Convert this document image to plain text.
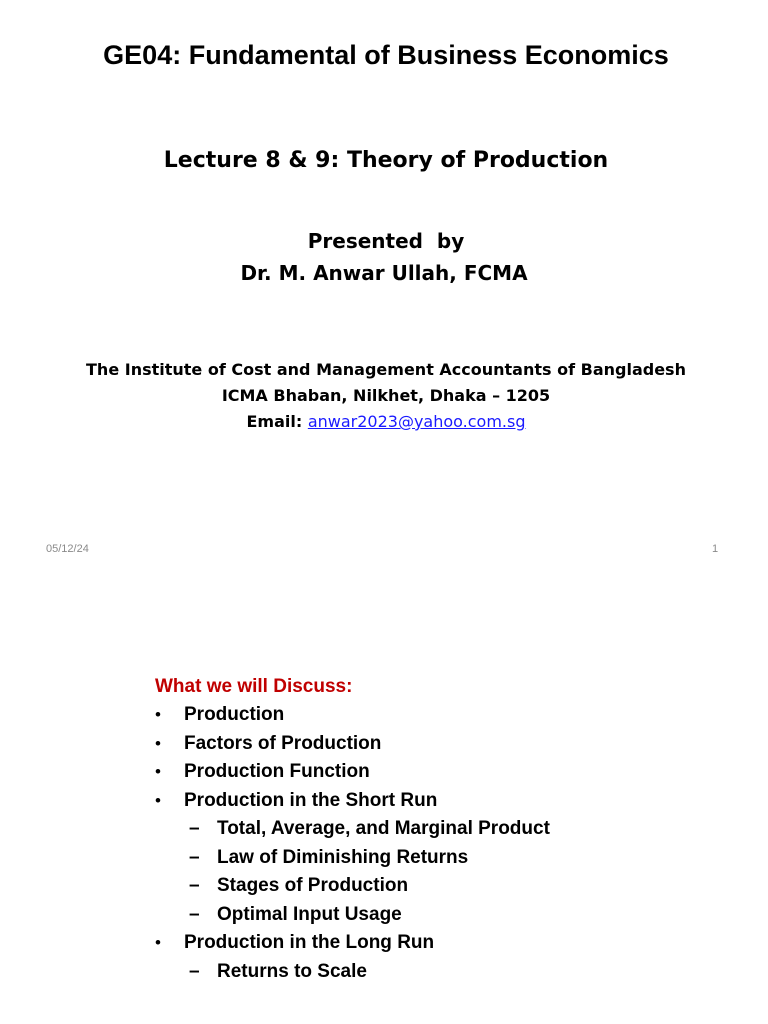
GE04: Fundamental of Business Economics
Lecture 8 & 9: Theory of Production
Presented  by
Dr. M. Anwar Ullah, FCMA
The Institute of Cost and Management Accountants of Bangladesh
ICMA Bhaban, Nilkhet, Dhaka – 1205
Email: anwar2023@yahoo.com.sg
05/12/24	1
What we will Discuss:
• Production
• Factors of Production
• Production Function
• Production in the Short Run
– Total, Average, and Marginal Product
– Law of Diminishing Returns
– Stages of Production
– Optimal Input Usage
• Production in the Long Run
– Returns to Scale
